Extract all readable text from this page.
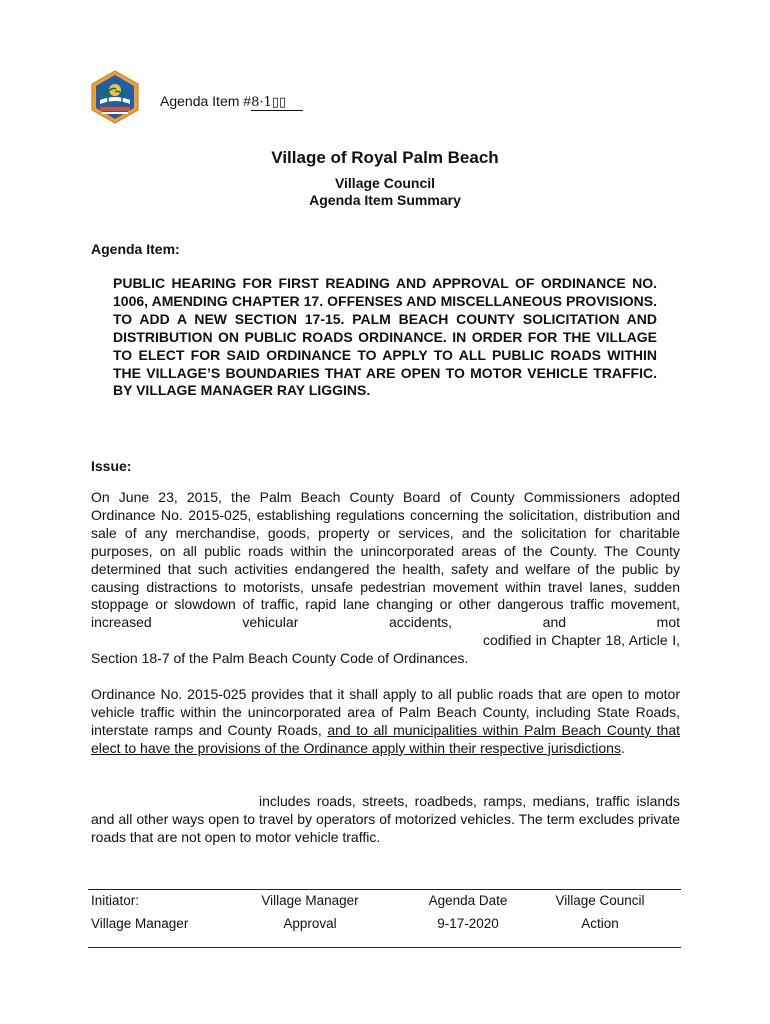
Agenda Item #8·1▯▯
Village of Royal Palm Beach
Village Council
Agenda Item Summary
Agenda Item:
PUBLIC HEARING FOR FIRST READING AND APPROVAL OF ORDINANCE NO. 1006, AMENDING CHAPTER 17. OFFENSES AND MISCELLANEOUS PROVISIONS. TO ADD A NEW SECTION 17-15. PALM BEACH COUNTY SOLICITATION AND DISTRIBUTION ON PUBLIC ROADS ORDINANCE. IN ORDER FOR THE VILLAGE TO ELECT FOR SAID ORDINANCE TO APPLY TO ALL PUBLIC ROADS WITHIN THE VILLAGE’S BOUNDARIES THAT ARE OPEN TO MOTOR VEHICLE TRAFFIC. BY VILLAGE MANAGER RAY LIGGINS.
Issue:
On June 23, 2015, the Palm Beach County Board of County Commissioners adopted Ordinance No. 2015-025, establishing regulations concerning the solicitation, distribution and sale of any merchandise, goods, property or services, and the solicitation for charitable purposes, on all public roads within the unincorporated areas of the County. The County determined that such activities endangered the health, safety and welfare of the public by causing distractions to motorists, unsafe pedestrian movement within travel lanes, sudden stoppage or slowdown of traffic, rapid lane changing or other dangerous traffic movement, increased vehicular accidents, and motcodified in Chapter 18, Article I, Section 18-7 of the Palm Beach County Code of Ordinances.
Ordinance No. 2015-025 provides that it shall apply to all public roads that are open to motor vehicle traffic within the unincorporated area of Palm Beach County, including State Roads, interstate ramps and County Roads, and to all municipalities within Palm Beach County that elect to have the provisions of the Ordinance apply within their respective jurisdictions.
includes roads, streets, roadbeds, ramps, medians, traffic islands and all other ways open to travel by operators of motorized vehicles. The term excludes private roads that are not open to motor vehicle traffic.
Initiator:	Village Manager	Agenda Date	Village Council
Village Manager	Approval	9-17-2020	Action
